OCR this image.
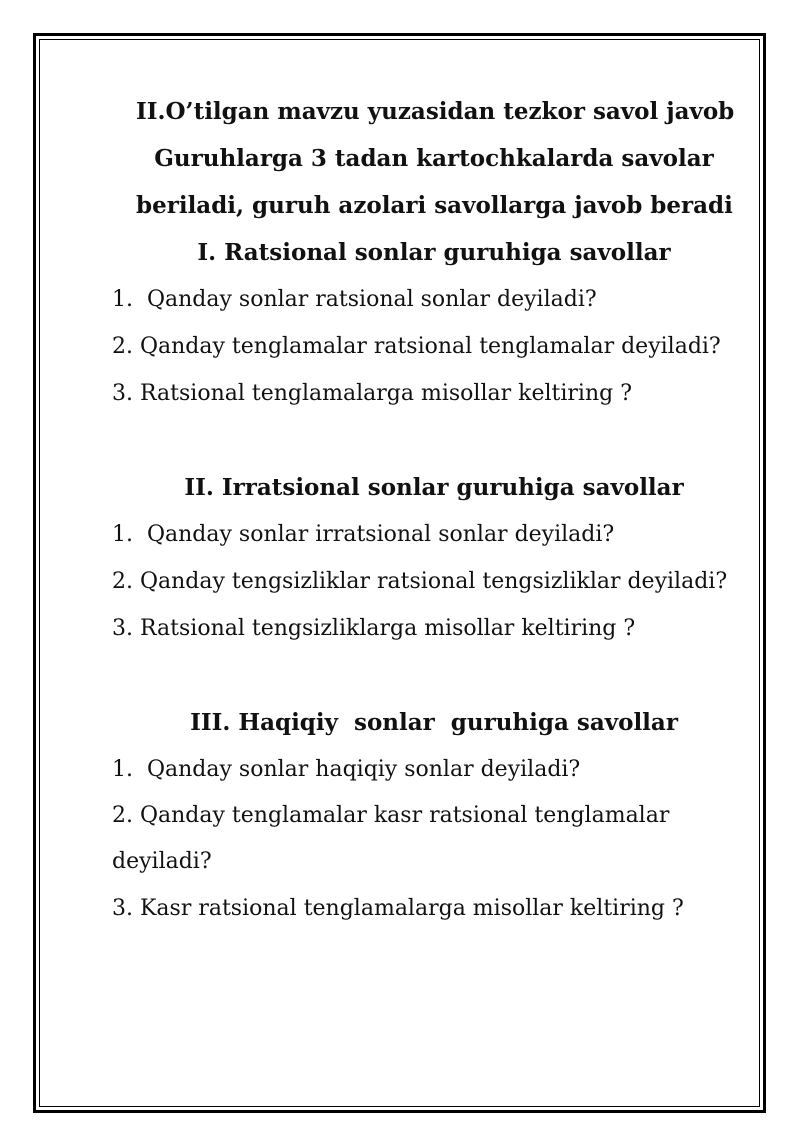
II.O’tilgan mavzu yuzasidan tezkor savol javob
Guruhlarga 3 tadan kartochkalarda savolar
beriladi, guruh azolari savollarga javob beradi
I. Ratsional sonlar guruhiga savollar
1.  Qanday sonlar ratsional sonlar deyiladi?
2. Qanday tenglamalar ratsional tenglamalar deyiladi?
3. Ratsional tenglamalarga misollar keltiring ?
II. Irratsional sonlar guruhiga savollar
1.  Qanday sonlar irratsional sonlar deyiladi?
2. Qanday tengsizliklar ratsional tengsizliklar deyiladi?
3. Ratsional tengsizliklarga misollar keltiring ?
III. Haqiqiy  sonlar  guruhiga savollar
1.  Qanday sonlar haqiqiy sonlar deyiladi?
2. Qanday tenglamalar kasr ratsional tenglamalar deyiladi?
3. Kasr ratsional tenglamalarga misollar keltiring ?
